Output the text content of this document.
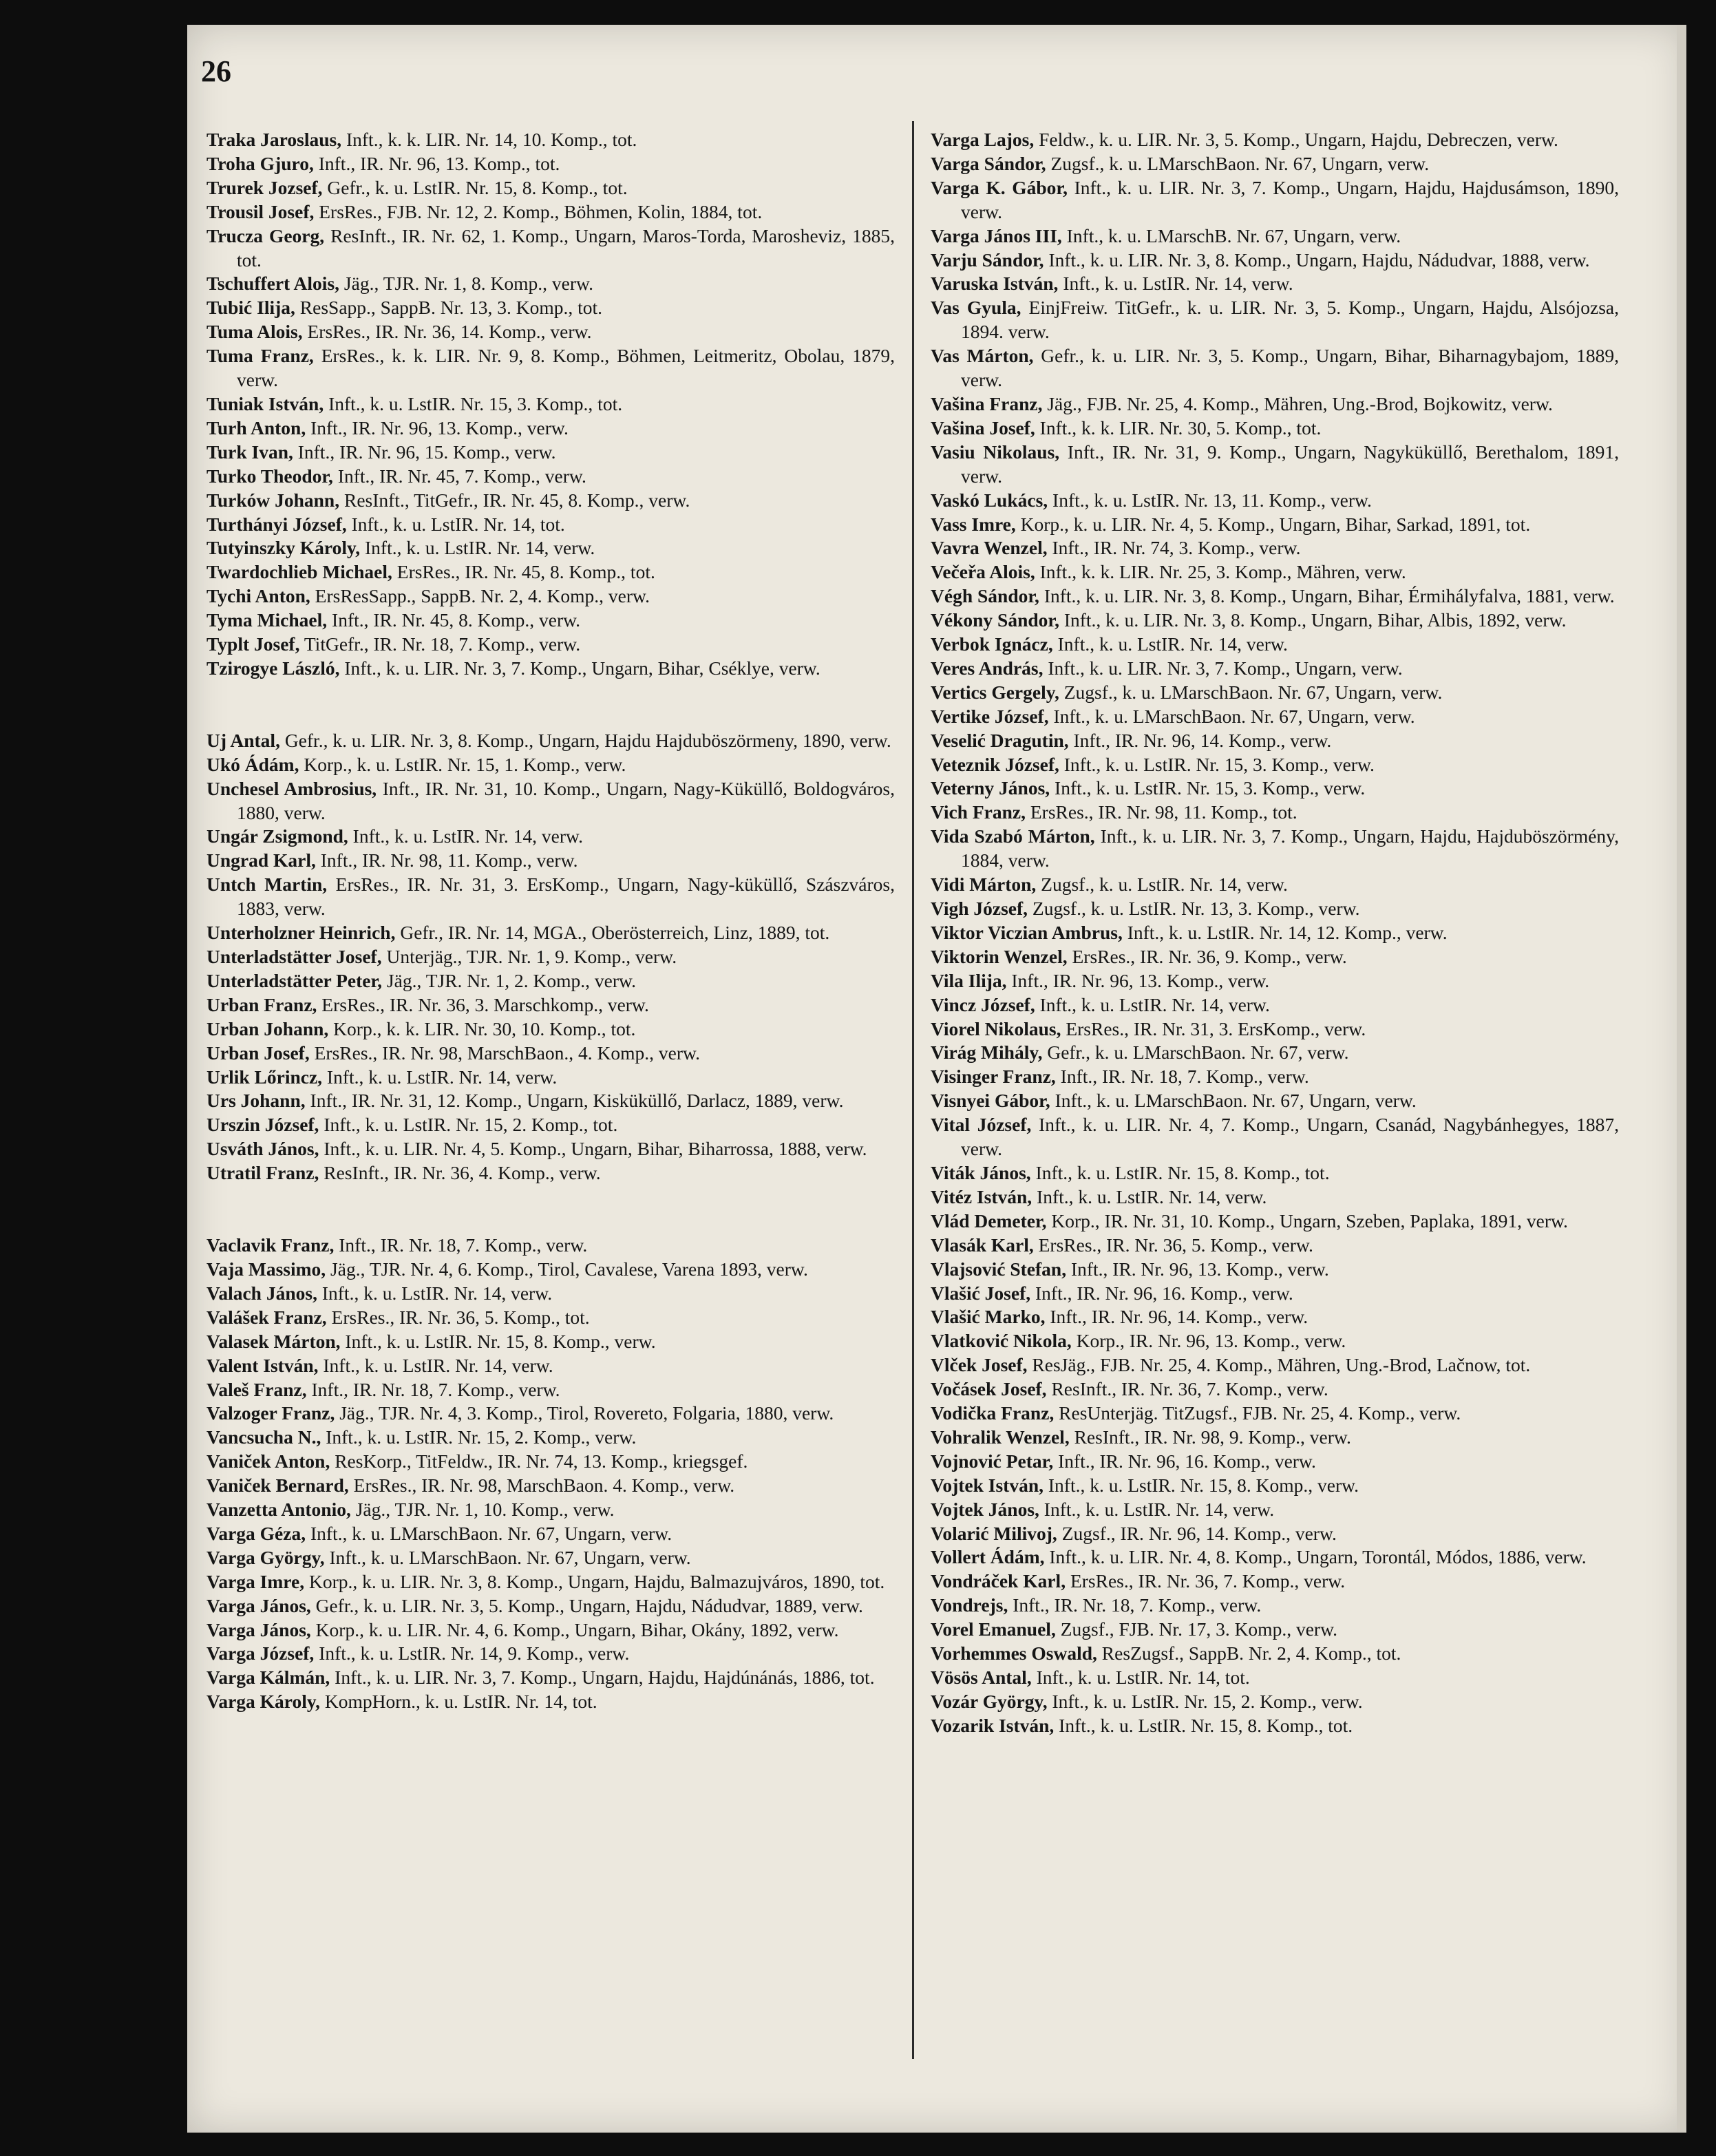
26
Traka Jaroslaus, Inft., k. k. LIR. Nr. 14, 10. Komp., tot.
Troha Gjuro, Inft., IR. Nr. 96, 13. Komp., tot.
Trurek Jozsef, Gefr., k. u. LstIR. Nr. 15, 8. Komp., tot.
Trousil Josef, ErsRes., FJB. Nr. 12, 2. Komp., Böhmen, Kolin, 1884, tot.
Trucza Georg, ResInft., IR. Nr. 62, 1. Komp., Ungarn, Maros-Torda, Marosheviz, 1885, tot.
Tschuffert Alois, Jäg., TJR. Nr. 1, 8. Komp., verw.
Tubić Ilija, ResSapp., SappB. Nr. 13, 3. Komp., tot.
Tuma Alois, ErsRes., IR. Nr. 36, 14. Komp., verw.
Tuma Franz, ErsRes., k. k. LIR. Nr. 9, 8. Komp., Böhmen, Leitmeritz, Obolau, 1879, verw.
Tuniak István, Inft., k. u. LstIR. Nr. 15, 3. Komp., tot.
Turh Anton, Inft., IR. Nr. 96, 13. Komp., verw.
Turk Ivan, Inft., IR. Nr. 96, 15. Komp., verw.
Turko Theodor, Inft., IR. Nr. 45, 7. Komp., verw.
Turków Johann, ResInft., TitGefr., IR. Nr. 45, 8. Komp., verw.
Turthányi József, Inft., k. u. LstIR. Nr. 14, tot.
Tutyinszky Károly, Inft., k. u. LstIR. Nr. 14, verw.
Twardochlieb Michael, ErsRes., IR. Nr. 45, 8. Komp., tot.
Tychi Anton, ErsResSapp., SappB. Nr. 2, 4. Komp., verw.
Tyma Michael, Inft., IR. Nr. 45, 8. Komp., verw.
Typlt Josef, TitGefr., IR. Nr. 18, 7. Komp., verw.
Tzirogye László, Inft., k. u. LIR. Nr. 3, 7. Komp., Ungarn, Bihar, Cséklye, verw.
Uj Antal, Gefr., k. u. LIR. Nr. 3, 8. Komp., Ungarn, Hajdu Hajduböszörmeny, 1890, verw.
Ukó Ádám, Korp., k. u. LstIR. Nr. 15, 1. Komp., verw.
Unchesel Ambrosius, Inft., IR. Nr. 31, 10. Komp., Ungarn, Nagy-Küküllő, Boldogváros, 1880, verw.
Ungár Zsigmond, Inft., k. u. LstIR. Nr. 14, verw.
Ungrad Karl, Inft., IR. Nr. 98, 11. Komp., verw.
Untch Martin, ErsRes., IR. Nr. 31, 3. ErsKomp., Ungarn, Nagy-küküllő, Szászváros, 1883, verw.
Unterholzner Heinrich, Gefr., IR. Nr. 14, MGA., Oberösterreich, Linz, 1889, tot.
Unterladstätter Josef, Unterjäg., TJR. Nr. 1, 9. Komp., verw.
Unterladstätter Peter, Jäg., TJR. Nr. 1, 2. Komp., verw.
Urban Franz, ErsRes., IR. Nr. 36, 3. Marschkomp., verw.
Urban Johann, Korp., k. k. LIR. Nr. 30, 10. Komp., tot.
Urban Josef, ErsRes., IR. Nr. 98, MarschBaon., 4. Komp., verw.
Urlik Lőrincz, Inft., k. u. LstIR. Nr. 14, verw.
Urs Johann, Inft., IR. Nr. 31, 12. Komp., Ungarn, Kisküküllő, Darlacz, 1889, verw.
Urszin József, Inft., k. u. LstIR. Nr. 15, 2. Komp., tot.
Usváth János, Inft., k. u. LIR. Nr. 4, 5. Komp., Ungarn, Bihar, Biharrossa, 1888, verw.
Utratil Franz, ResInft., IR. Nr. 36, 4. Komp., verw.
Vaclavik Franz, Inft., IR. Nr. 18, 7. Komp., verw.
Vaja Massimo, Jäg., TJR. Nr. 4, 6. Komp., Tirol, Cavalese, Varena 1893, verw.
Valach János, Inft., k. u. LstIR. Nr. 14, verw.
Valášek Franz, ErsRes., IR. Nr. 36, 5. Komp., tot.
Valasek Márton, Inft., k. u. LstIR. Nr. 15, 8. Komp., verw.
Valent István, Inft., k. u. LstIR. Nr. 14, verw.
Valeš Franz, Inft., IR. Nr. 18, 7. Komp., verw.
Valzoger Franz, Jäg., TJR. Nr. 4, 3. Komp., Tirol, Rovereto, Folgaria, 1880, verw.
Vancsucha N., Inft., k. u. LstIR. Nr. 15, 2. Komp., verw.
Vaniček Anton, ResKorp., TitFeldw., IR. Nr. 74, 13. Komp., kriegsgef.
Vaniček Bernard, ErsRes., IR. Nr. 98, MarschBaon. 4. Komp., verw.
Vanzetta Antonio, Jäg., TJR. Nr. 1, 10. Komp., verw.
Varga Géza, Inft., k. u. LMarschBaon. Nr. 67, Ungarn, verw.
Varga György, Inft., k. u. LMarschBaon. Nr. 67, Ungarn, verw.
Varga Imre, Korp., k. u. LIR. Nr. 3, 8. Komp., Ungarn, Hajdu, Balmazujváros, 1890, tot.
Varga János, Gefr., k. u. LIR. Nr. 3, 5. Komp., Ungarn, Hajdu, Nádudvar, 1889, verw.
Varga János, Korp., k. u. LIR. Nr. 4, 6. Komp., Ungarn, Bihar, Okány, 1892, verw.
Varga József, Inft., k. u. LstIR. Nr. 14, 9. Komp., verw.
Varga Kálmán, Inft., k. u. LIR. Nr. 3, 7. Komp., Ungarn, Hajdu, Hajdúnánás, 1886, tot.
Varga Károly, KompHorn., k. u. LstIR. Nr. 14, tot.
Varga Lajos, Feldw., k. u. LIR. Nr. 3, 5. Komp., Ungarn, Hajdu, Debreczen, verw.
Varga Sándor, Zugsf., k. u. LMarschBaon. Nr. 67, Ungarn, verw.
Varga K. Gábor, Inft., k. u. LIR. Nr. 3, 7. Komp., Ungarn, Hajdu, Hajdusámson, 1890, verw.
Varga János III, Inft., k. u. LMarschB. Nr. 67, Ungarn, verw.
Varju Sándor, Inft., k. u. LIR. Nr. 3, 8. Komp., Ungarn, Hajdu, Nádudvar, 1888, verw.
Varuska István, Inft., k. u. LstIR. Nr. 14, verw.
Vas Gyula, EinjFreiw. TitGefr., k. u. LIR. Nr. 3, 5. Komp., Ungarn, Hajdu, Alsójozsa, 1894. verw.
Vas Márton, Gefr., k. u. LIR. Nr. 3, 5. Komp., Ungarn, Bihar, Biharnagybajom, 1889, verw.
Vašina Franz, Jäg., FJB. Nr. 25, 4. Komp., Mähren, Ung.-Brod, Bojkowitz, verw.
Vašina Josef, Inft., k. k. LIR. Nr. 30, 5. Komp., tot.
Vasiu Nikolaus, Inft., IR. Nr. 31, 9. Komp., Ungarn, Nagyküküllő, Berethalom, 1891, verw.
Vaskó Lukács, Inft., k. u. LstIR. Nr. 13, 11. Komp., verw.
Vass Imre, Korp., k. u. LIR. Nr. 4, 5. Komp., Ungarn, Bihar, Sarkad, 1891, tot.
Vavra Wenzel, Inft., IR. Nr. 74, 3. Komp., verw.
Večeřa Alois, Inft., k. k. LIR. Nr. 25, 3. Komp., Mähren, verw.
Végh Sándor, Inft., k. u. LIR. Nr. 3, 8. Komp., Ungarn, Bihar, Érmihályfalva, 1881, verw.
Vékony Sándor, Inft., k. u. LIR. Nr. 3, 8. Komp., Ungarn, Bihar, Albis, 1892, verw.
Verbok Ignácz, Inft., k. u. LstIR. Nr. 14, verw.
Veres András, Inft., k. u. LIR. Nr. 3, 7. Komp., Ungarn, verw.
Vertics Gergely, Zugsf., k. u. LMarschBaon. Nr. 67, Ungarn, verw.
Vertike József, Inft., k. u. LMarschBaon. Nr. 67, Ungarn, verw.
Veselić Dragutin, Inft., IR. Nr. 96, 14. Komp., verw.
Veteznik József, Inft., k. u. LstIR. Nr. 15, 3. Komp., verw.
Veterny János, Inft., k. u. LstIR. Nr. 15, 3. Komp., verw.
Vich Franz, ErsRes., IR. Nr. 98, 11. Komp., tot.
Vida Szabó Márton, Inft., k. u. LIR. Nr. 3, 7. Komp., Ungarn, Hajdu, Hajduböszörmény, 1884, verw.
Vidi Márton, Zugsf., k. u. LstIR. Nr. 14, verw.
Vigh József, Zugsf., k. u. LstIR. Nr. 13, 3. Komp., verw.
Viktor Viczian Ambrus, Inft., k. u. LstIR. Nr. 14, 12. Komp., verw.
Viktorin Wenzel, ErsRes., IR. Nr. 36, 9. Komp., verw.
Vila Ilija, Inft., IR. Nr. 96, 13. Komp., verw.
Vincz József, Inft., k. u. LstIR. Nr. 14, verw.
Viorel Nikolaus, ErsRes., IR. Nr. 31, 3. ErsKomp., verw.
Virág Mihály, Gefr., k. u. LMarschBaon. Nr. 67, verw.
Visinger Franz, Inft., IR. Nr. 18, 7. Komp., verw.
Visnyei Gábor, Inft., k. u. LMarschBaon. Nr. 67, Ungarn, verw.
Vital József, Inft., k. u. LIR. Nr. 4, 7. Komp., Ungarn, Csanád, Nagybánhegyes, 1887, verw.
Viták János, Inft., k. u. LstIR. Nr. 15, 8. Komp., tot.
Vitéz István, Inft., k. u. LstIR. Nr. 14, verw.
Vlád Demeter, Korp., IR. Nr. 31, 10. Komp., Ungarn, Szeben, Paplaka, 1891, verw.
Vlasák Karl, ErsRes., IR. Nr. 36, 5. Komp., verw.
Vlajsović Stefan, Inft., IR. Nr. 96, 13. Komp., verw.
Vlašić Josef, Inft., IR. Nr. 96, 16. Komp., verw.
Vlašić Marko, Inft., IR. Nr. 96, 14. Komp., verw.
Vlatković Nikola, Korp., IR. Nr. 96, 13. Komp., verw.
Vlček Josef, ResJäg., FJB. Nr. 25, 4. Komp., Mähren, Ung.-Brod, Lačnow, tot.
Vočásek Josef, ResInft., IR. Nr. 36, 7. Komp., verw.
Vodička Franz, ResUnterjäg. TitZugsf., FJB. Nr. 25, 4. Komp., verw.
Vohralik Wenzel, ResInft., IR. Nr. 98, 9. Komp., verw.
Vojnović Petar, Inft., IR. Nr. 96, 16. Komp., verw.
Vojtek István, Inft., k. u. LstIR. Nr. 15, 8. Komp., verw.
Vojtek János, Inft., k. u. LstIR. Nr. 14, verw.
Volarić Milivoj, Zugsf., IR. Nr. 96, 14. Komp., verw.
Vollert Ádám, Inft., k. u. LIR. Nr. 4, 8. Komp., Ungarn, Torontál, Módos, 1886, verw.
Vondráček Karl, ErsRes., IR. Nr. 36, 7. Komp., verw.
Vondrejs, Inft., IR. Nr. 18, 7. Komp., verw.
Vorel Emanuel, Zugsf., FJB. Nr. 17, 3. Komp., verw.
Vorhemmes Oswald, ResZugsf., SappB. Nr. 2, 4. Komp., tot.
Vösös Antal, Inft., k. u. LstIR. Nr. 14, tot.
Vozár György, Inft., k. u. LstIR. Nr. 15, 2. Komp., verw.
Vozarik István, Inft., k. u. LstIR. Nr. 15, 8. Komp., tot.
